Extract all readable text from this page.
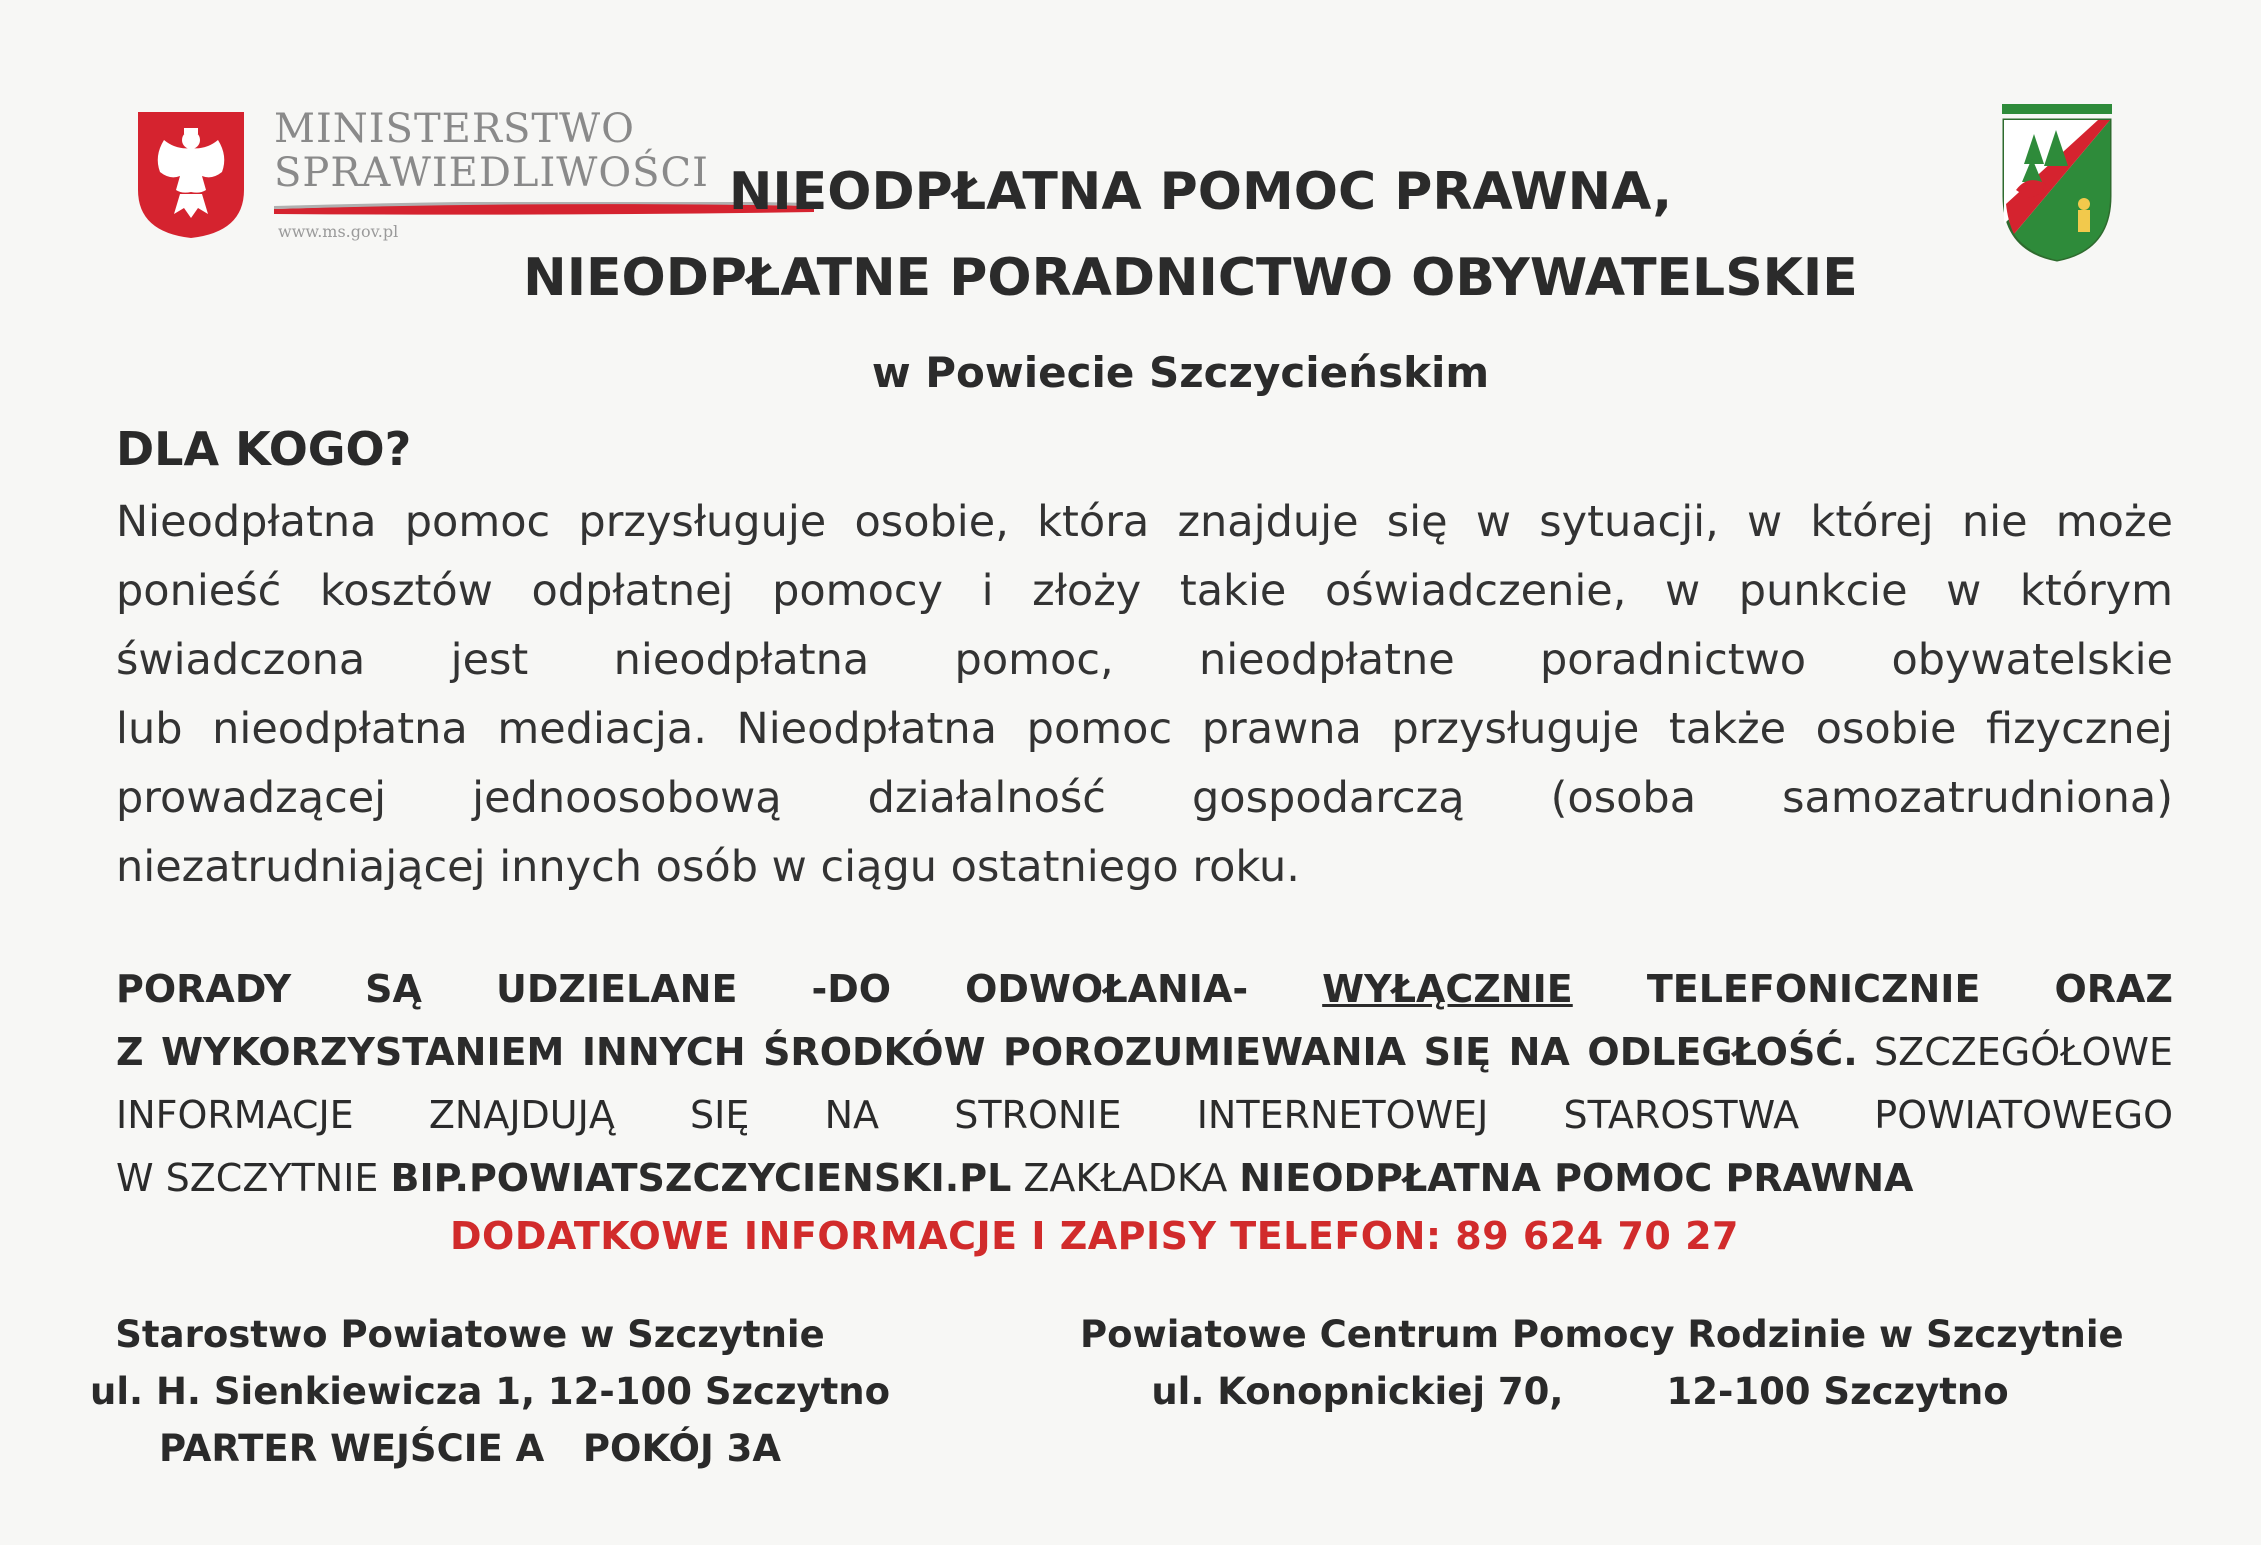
MINISTERSTWO
SPRAWIEDLIWOŚCI
www.ms.gov.pl
NIEODPŁATNA POMOC PRAWNA,
NIEODPŁATNE PORADNICTWO OBYWATELSKIE
w Powiecie Szczycieńskim
DLA KOGO?
Nieodpłatna pomoc przysługuje osobie, która znajduje się w sytuacji, w której nie może
ponieść kosztów odpłatnej pomocy i złoży takie oświadczenie, w punkcie w którym
świadczona jest nieodpłatna pomoc, nieodpłatne poradnictwo obywatelskie
lub nieodpłatna mediacja. Nieodpłatna pomoc prawna przysługuje także osobie fizycznej
prowadzącej jednoosobową działalność gospodarczą (osoba samozatrudniona)
niezatrudniającej innych osób w ciągu ostatniego roku.
PORADY SĄ UDZIELANE -DO ODWOŁANIA- WYŁĄCZNIE TELEFONICZNIE ORAZ
Z WYKORZYSTANIEM INNYCH ŚRODKÓW POROZUMIEWANIA SIĘ NA ODLEGŁOŚĆ. SZCZEGÓŁOWE
INFORMACJE ZNAJDUJĄ SIĘ NA STRONIE INTERNETOWEJ STAROSTWA POWIATOWEGO
W SZCZYTNIE BIP.POWIATSZCZYCIENSKI.PL ZAKŁADKA NIEODPŁATNA POMOC PRAWNA
DODATKOWE INFORMACJE I ZAPISY TELEFON: 89 624 70 27
Starostwo Powiatowe w Szczytnie
ul. H. Sienkiewicza 1, 12-100 Szczytno
PARTER WEJŚCIE A   POKÓJ 3A
Powiatowe Centrum Pomocy Rodzinie w Szczytnie
ul. Konopnickiej 70,        12-100 Szczytno
